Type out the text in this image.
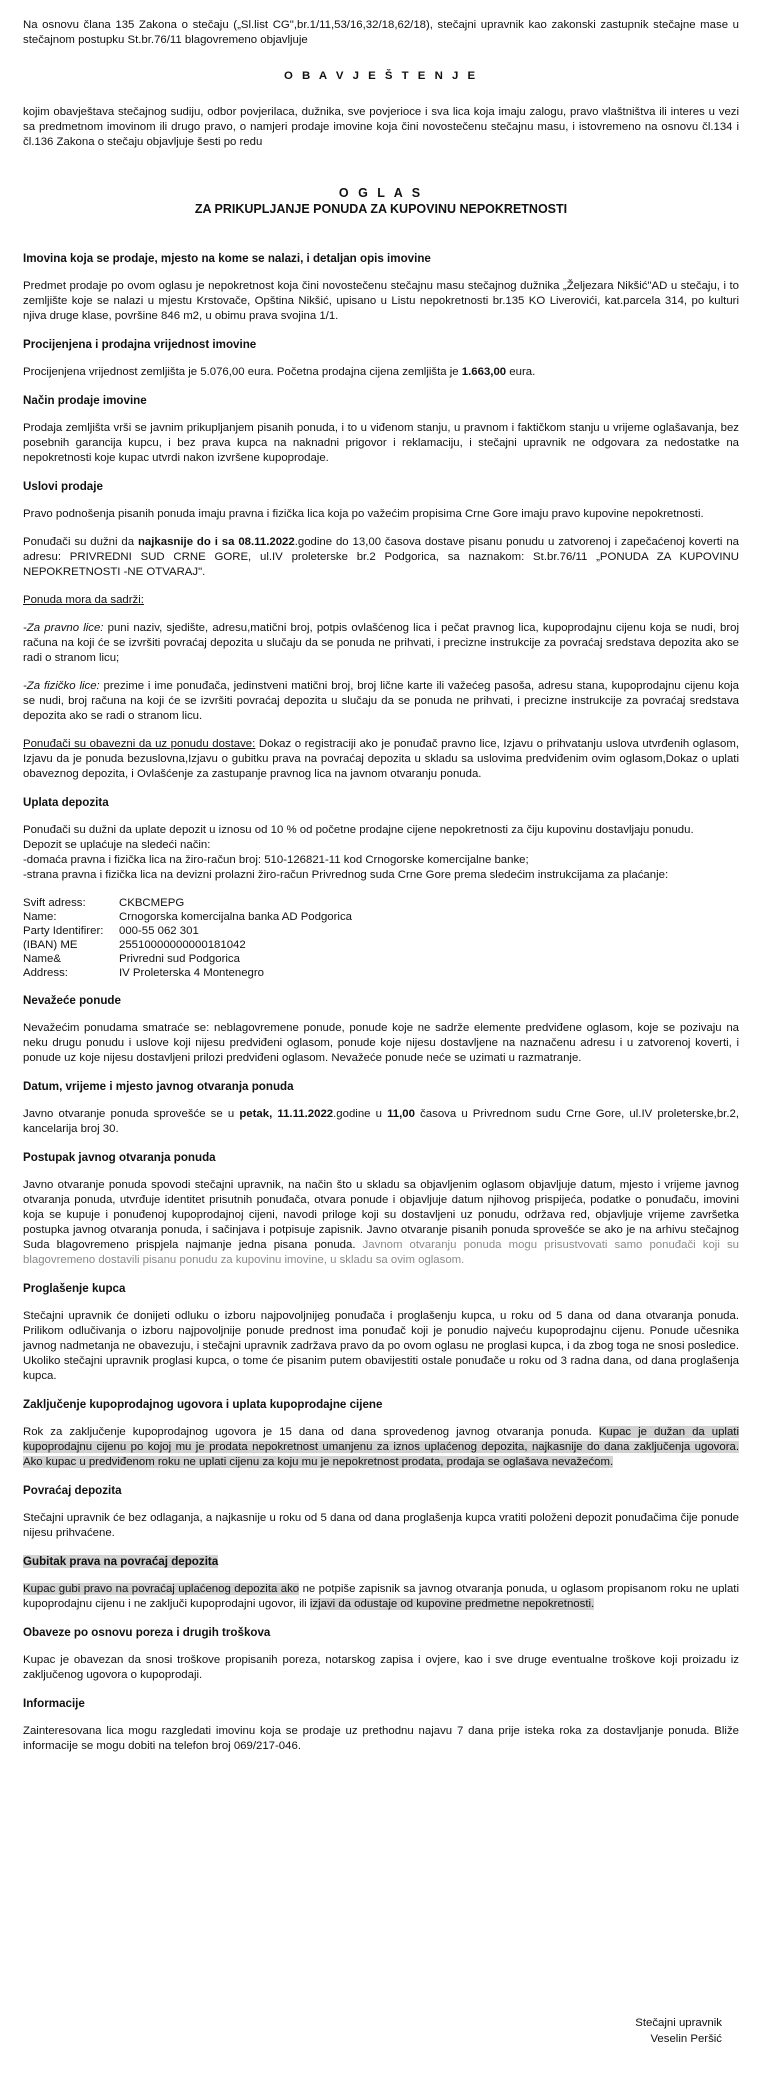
Na osnovu člana 135 Zakona o stečaju („Sl.list CG",br.1/11,53/16,32/18,62/18), stečajni upravnik kao zakonski zastupnik stečajne mase u stečajnom postupku St.br.76/11 blagovremeno objavljuje

O B A V J E Š T E N J E

kojim obavještava stečajnog sudiju, odbor povjerilaca, dužnika, sve povjerioce i sva lica koja imaju zalogu, pravo vlaštništva ili interes u vezi sa predmetnom imovinom ili drugo pravo, o namjeri prodaje imovine koja čini novostečenu stečajnu masu, i istovremeno na osnovu čl.134 i čl.136 Zakona o stečaju objavljuje šesti po redu

O G L A S

ZA PRIKUPLJANJE PONUDA ZA KUPOVINU NEPOKRETNOSTI

Imovina koja se prodaje, mjesto na kome se nalazi, i detaljan opis imovine

Predmet prodaje po ovom oglasu je nepokretnost koja čini novostečenu stečajnu masu stečajnog dužnika „Željezara Nikšić"AD u stečaju, i to zemljište koje se nalazi u mjestu Krstovače, Opština Nikšić, upisano u Listu nepokretnosti br.135 KO Liverovići, kat.parcela 314, po kulturi njiva druge klase, površine 846 m2, u obimu prava svojina 1/1.

Procijenjena i prodajna vrijednost imovine

Procijenjena vrijednost zemljišta je 5.076,00 eura. Početna prodajna cijena zemljišta je 1.663,00 eura.

Način prodaje imovine

Prodaja zemljišta vrši se javnim prikupljanjem pisanih ponuda, i to u viđenom stanju, u pravnom i faktičkom stanju u vrijeme oglašavanja, bez posebnih garancija kupcu, i bez prava kupca na naknadni prigovor i reklamaciju, i stečajni upravnik ne odgovara za nedostatke na nepokretnosti koje kupac utvrdi nakon izvršene kupoprodaje.

Uslovi prodaje

Pravo podnošenja pisanih ponuda imaju pravna i fizička lica koja po važećim propisima Crne Gore imaju pravo kupovine nepokretnosti.

Ponuđači su dužni da najkasnije do i sa 08.11.2022.godine do 13,00 časova dostave pisanu ponudu u zatvorenoj i zapečaćenoj koverti na adresu: PRIVREDNI SUD CRNE GORE, ul.IV proleterske br.2 Podgorica, sa naznakom: St.br.76/11 „PONUDA ZA KUPOVINU NEPOKRETNOSTI -NE OTVARAJ".

Ponuda mora da sadrži:

-Za pravno lice: puni naziv, sjedište, adresu,matični broj, potpis ovlašćenog lica i pečat pravnog lica, kupoprodajnu cijenu koja se nudi, broj računa na koji će se izvršiti povraćaj depozita u slučaju da se ponuda ne prihvati, i precizne instrukcije za povraćaj sredstava depozita ako se radi o stranom licu;

-Za fizičko lice: prezime i ime ponuđača, jedinstveni matični broj, broj lične karte ili važećeg pasoša, adresu stana, kupoprodajnu cijenu koja se nudi, broj računa na koji će se izvršiti povraćaj depozita u slučaju da se ponuda ne prihvati, i precizne instrukcije za povraćaj sredstava depozita ako se radi o stranom licu.

Ponuđači su obavezni da uz ponudu dostave: Dokaz o registraciji ako je ponuđač pravno lice, Izjavu o prihvatanju uslova utvrđenih oglasom, Izjavu da je ponuda bezuslovna,Izjavu o gubitku prava na povraćaj depozita u skladu sa uslovima predviđenim ovim oglasom,Dokaz o uplati obaveznog depozita, i Ovlašćenje za zastupanje pravnog lica na javnom otvaranju ponuda.

Uplata depozita

Ponuđači su dužni da uplate depozit u iznosu od 10 % od početne prodajne cijene nepokretnosti za čiju kupovinu dostavljaju ponudu.

Depozit se uplaćuje na sledeći način:

-domaća pravna i fizička lica na žiro-račun broj: 510-126821-11 kod Crnogorske komercijalne banke;

-strana pravna i fizička lica na devizni prolazni žiro-račun Privrednog suda Crne Gore prema sledećim instrukcijama za plaćanje:

Svift adress:	CKBCMEPG
Name:	Crnogorska komercijalna banka AD Podgorica
Party Identifirer:	000-55 062 301
(IBAN) ME	25510000000000181042
Name&	Privredni sud Podgorica
Address:	IV Proleterska 4 Montenegro
Nevažeće ponude

Nevažećim ponudama smatraće se: neblagovremene ponude, ponude koje ne sadrže elemente predviđene oglasom, koje se pozivaju na neku drugu ponudu i uslove koji nijesu predviđeni oglasom, ponude koje nijesu dostavljene na naznačenu adresu i u zatvorenoj koverti, i ponude uz koje nijesu dostavljeni prilozi predviđeni oglasom. Nevažeće ponude neće se uzimati u razmatranje.

Datum, vrijeme i mjesto javnog otvaranja ponuda

Javno otvaranje ponuda sprovešće se u petak, 11.11.2022.godine u 11,00 časova u Privrednom sudu Crne Gore, ul.IV proleterske,br.2, kancelarija broj 30.

Postupak javnog otvaranja ponuda

Javno otvaranje ponuda spovodi stečajni upravnik, na način što u skladu sa objavljenim oglasom objavljuje datum, mjesto i vrijeme javnog otvaranja ponuda, utvrđuje identitet prisutnih ponuđača, otvara ponude i objavljuje datum njihovog prispijeća, podatke o ponuđaču, imovini koja se kupuje i ponuđenoj kupoprodajnoj cijeni, navodi priloge koji su dostavljeni uz ponudu, održava red, objavljuje vrijeme završetka postupka javnog otvaranja ponuda, i sačinjava i potpisuje zapisnik. Javno otvaranje pisanih ponuda sprovešće se ako je na arhivu stečajnog Suda blagovremeno prispjela najmanje jedna pisana ponuda. Javnom otvaranju ponuda mogu prisustvovati samo ponuđači koji su blagovremeno dostavili pisanu ponudu za kupovinu imovine, u skladu sa ovim oglasom.

Proglašenje kupca

Stečajni upravnik će donijeti odluku o izboru najpovoljnijeg ponuđača i proglašenju kupca, u roku od 5 dana od dana otvaranja ponuda. Prilikom odlučivanja o izboru najpovoljnije ponude prednost ima ponuđač koji je ponudio najveću kupoprodajnu cijenu. Ponude učesnika javnog nadmetanja ne obavezuju, i stečajni upravnik zadržava pravo da po ovom oglasu ne proglasi kupca, i da zbog toga ne snosi posledice. Ukoliko stečajni upravnik proglasi kupca, o tome će pisanim putem obavijestiti ostale ponuđače u roku od 3 radna dana, od dana proglašenja kupca.

Zaključenje kupoprodajnog ugovora i uplata kupoprodajne cijene

Rok za zaključenje kupoprodajnog ugovora je 15 dana od dana sprovedenog javnog otvaranja ponuda. Kupac je dužan da uplati kupoprodajnu cijenu po kojoj mu je prodata nepokretnost umanjenu za iznos uplaćenog depozita, najkasnije do dana zaključenja ugovora. Ako kupac u predviđenom roku ne uplati cijenu za koju mu je nepokretnost prodata, prodaja se oglašava nevažećom.

Povraćaj depozita

Stečajni upravnik će bez odlaganja, a najkasnije u roku od 5 dana od dana proglašenja kupca vratiti položeni depozit ponuđačima čije ponude nijesu prihvaćene.

Gubitak prava na povraćaj depozita

Kupac gubi pravo na povraćaj uplaćenog depozita ako ne potpiše zapisnik sa javnog otvaranja ponuda, u oglasom propisanom roku ne uplati kupoprodajnu cijenu i ne zaključi kupoprodajni ugovor, ili izjavi da odustaje od kupovine predmetne nepokretnosti.

Obaveze po osnovu poreza i drugih troškova

Kupac je obavezan da snosi troškove propisanih poreza, notarskog zapisa i ovjere, kao i sve druge eventualne troškove koji proizadu iz zaključenog ugovora o kupoprodaji.

Informacije

Zainteresovana lica mogu razgledati imovinu koja se prodaje uz prethodnu najavu 7 dana prije isteka roka za dostavljanje ponuda. Bliže informacije se mogu dobiti na telefon broj 069/217-046.

Stečajni upravnik
Veselin Peršić
